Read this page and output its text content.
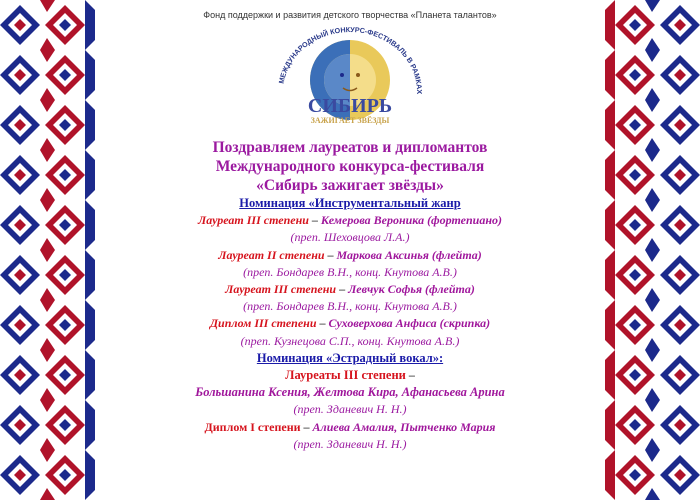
Фонд поддержки и развития детского творчества «Планета талантов»
МЕЖДУНАРОДНЫЙ КОНКУРС-ФЕСТИВАЛЬ В РАМКАХ
СИБИРЬ
ЗАЖИГАЕТ ЗВЁЗДЫ
Поздравляем лауреатов и дипломантов
Международного конкурса-фестиваля
«Сибирь зажигает звёзды»
Номинация «Инструментальный жанр
Лауреат III степени – Кемерова Вероника (фортепиано)
(преп. Шеховцова Л.А.)
Лауреат II степени – Маркова Аксинья (флейта)
(преп. Бондарев В.Н., конц. Кнутова А.В.)
Лауреат III степени – Левчук Софья (флейта)
(преп. Бондарев В.Н., конц. Кнутова А.В.)
Диплом III степени – Суховерхова Анфиса (скрипка)
(преп. Кузнецова С.П., конц. Кнутова А.В.)
Номинация «Эстрадный вокал»:
Лауреаты III степени –
Большанина Ксения, Желтова Кира, Афанасьева Арина
(преп. Зданевич Н. Н.)
Диплом I степени – Алиева Амалия, Пытченко Мария
(преп. Зданевич Н. Н.)
